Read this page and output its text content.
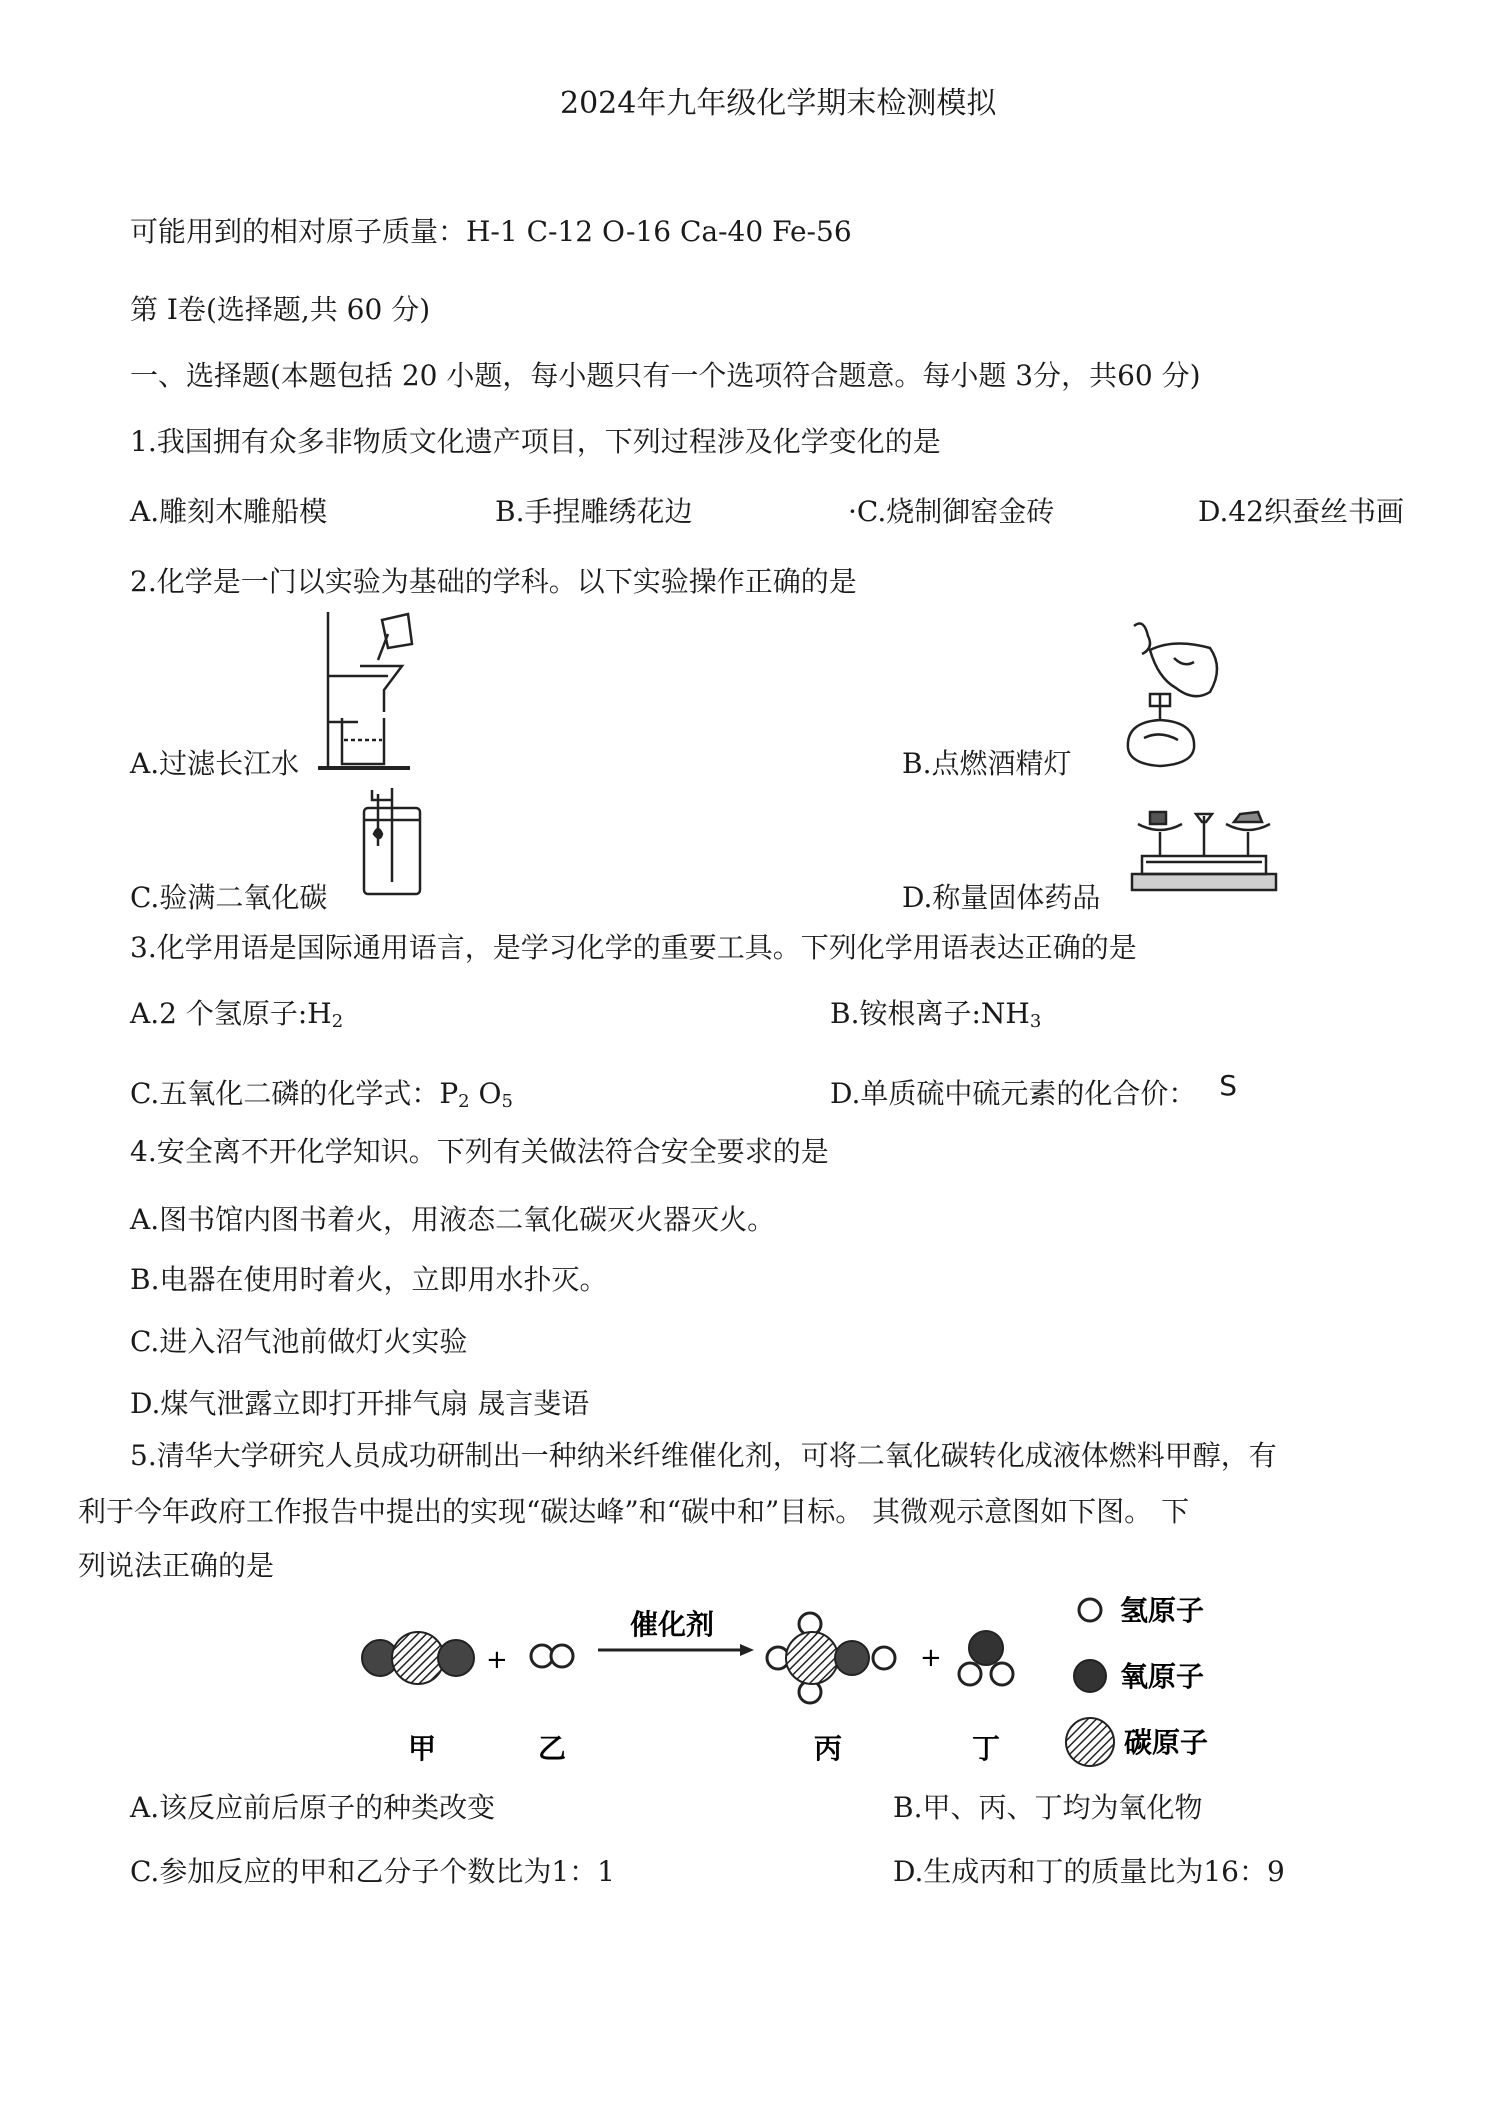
2024年九年级化学期末检测模拟
可能用到的相对原子质量：H-1 C-12 O-16 Ca-40 Fe-56
第 I卷(选择题,共 60 分)
一、选择题(本题包括 20 小题，每小题只有一个选项符合题意。每小题 3分，共60 分)
1.我国拥有众多非物质文化遗产项目，下列过程涉及化学变化的是
A.雕刻木雕船模	B.手捏雕绣花边	·C.烧制御窑金砖	D.42织蚕丝书画
2.化学是一门以实验为基础的学科。以下实验操作正确的是
A.过滤长江水	B.点燃酒精灯
C.验满二氧化碳	D.称量固体药品
3.化学用语是国际通用语言，是学习化学的重要工具。下列化学用语表达正确的是
A.2 个氢原子$:H_2$	B.铵根离子$:NH_3$
C.五氧化二磷的化学式：$P_2$ $O_5$	D.单质硫中硫元素的化合价： S
4.安全离不开化学知识。下列有关做法符合安全要求的是
A.图书馆内图书着火，用液态二氧化碳灭火器灭火。
B.电器在使用时着火，立即用水扑灭。
C.进入沼气池前做灯火实验
D.煤气泄露立即打开排气扇 晟言斐语
5.清华大学研究人员成功研制出一种纳米纤维催化剂，可将二氧化碳转化成液体燃料甲醇，有
利于今年政府工作报告中提出的实现“碳达峰”和“碳中和”目标。 其微观示意图如下图。 下
列说法正确的是
+
催化剂
+
甲	乙	丙	丁
氢原子
氧原子
碳原子
A.该反应前后原子的种类改变	B.甲、丙、丁均为氧化物
C.参加反应的甲和乙分子个数比为1：1	D.生成丙和丁的质量比为16：9
